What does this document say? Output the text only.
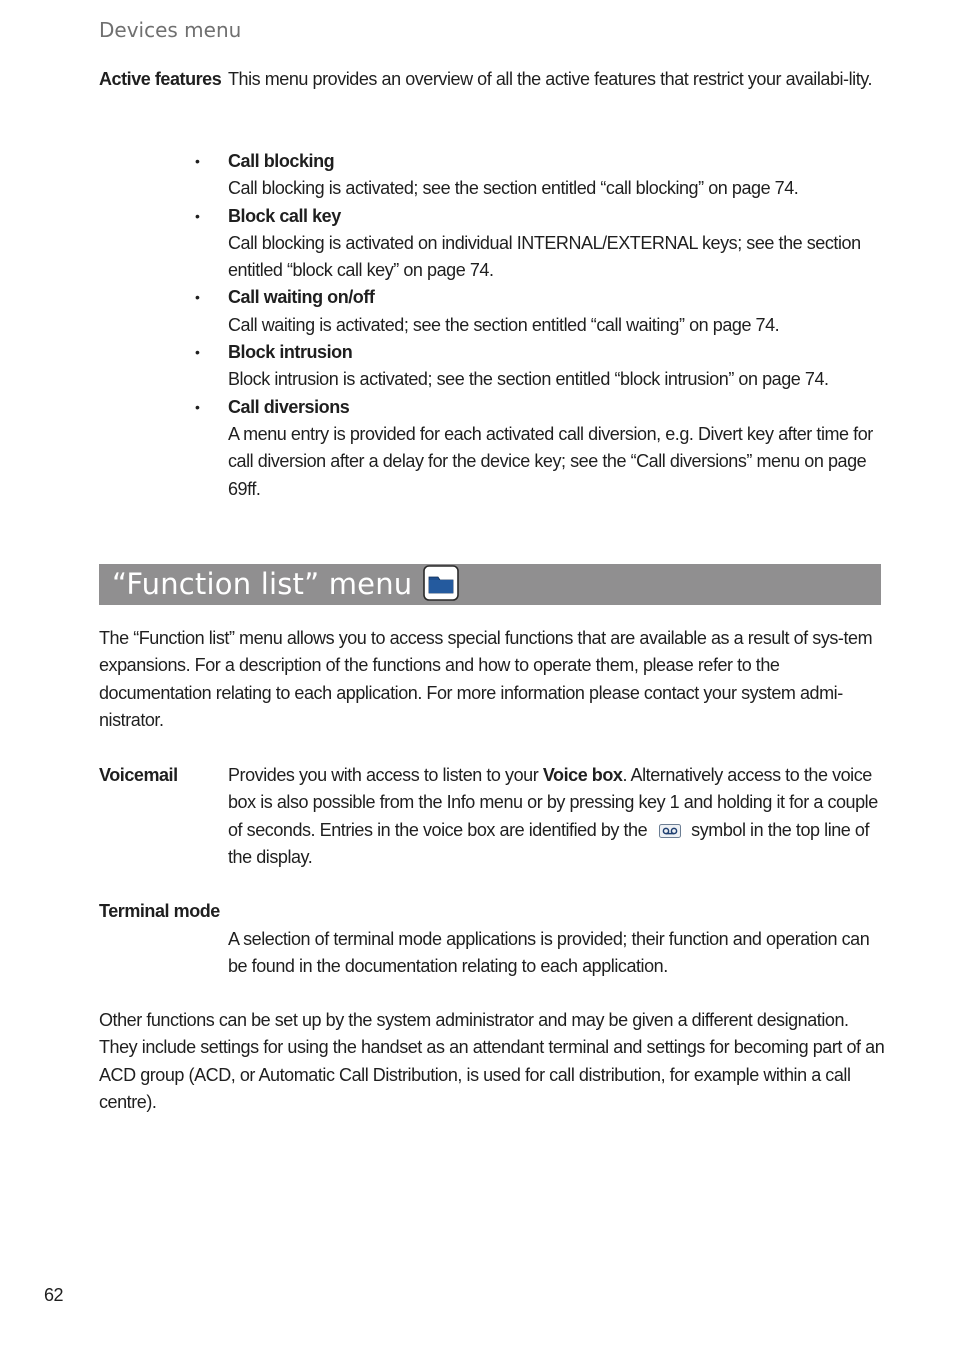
Devices menu
Active features This menu provides an overview of all the active features that restrict your availabi-lity.
• Call blocking
Call blocking is activated; see the section entitled “call blocking” on page 74.
• Block call key
Call blocking is activated on individual INTERNAL/EXTERNAL keys; see the section entitled “block call key” on page 74.
• Call waiting on/off
Call waiting is activated; see the section entitled “call waiting” on page 74.
• Block intrusion
Block intrusion is activated; see the section entitled “block intrusion” on page 74.
• Call diversions
A menu entry is provided for each activated call diversion, e.g. Divert key after time for call diversion after a delay for the device key; see the “Call diversions” menu on page 69ff.
“Function list” menu
The “Function list” menu allows you to access special functions that are available as a result of sys-tem expansions. For a description of the functions and how to operate them, please refer to the documentation relating to each application. For more information please contact your system admi-nistrator.
Voicemail	Provides you with access to listen to your Voice box. Alternatively access to the voice box is also possible from the Info menu or by pressing key 1 and holding it for a couple of seconds. Entries in the voice box are identified by the symbol in the top line of the display.
Terminal mode
A selection of terminal mode applications is provided; their function and operation can be found in the documentation relating to each application.
Other functions can be set up by the system administrator and may be given a different designation. They include settings for using the handset as an attendant terminal and settings for becoming part of an ACD group (ACD, or Automatic Call Distribution, is used for call distribution, for example within a call centre).
62
